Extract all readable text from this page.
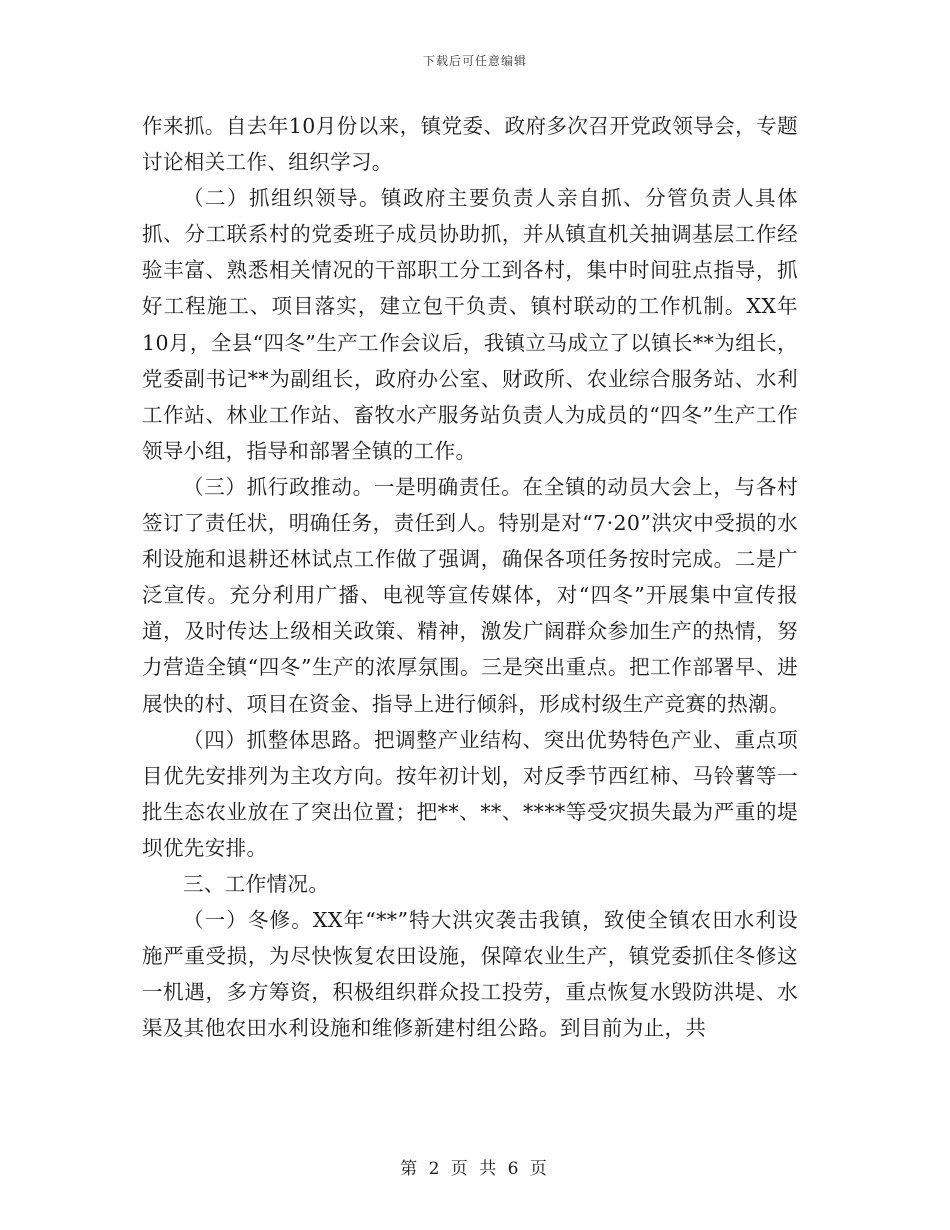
下载后可任意编辑

作来抓。自去年10月份以来，镇党委、政府多次召开党政领导会，专题讨论相关工作、组织学习。

（二）抓组织领导。镇政府主要负责人亲自抓、分管负责人具体抓、分工联系村的党委班子成员协助抓，并从镇直机关抽调基层工作经验丰富、熟悉相关情况的干部职工分工到各村，集中时间驻点指导，抓好工程施工、项目落实，建立包干负责、镇村联动的工作机制。XX年10月，全县“四冬”生产工作会议后，我镇立马成立了以镇长**为组长，党委副书记**为副组长，政府办公室、财政所、农业综合服务站、水利工作站、林业工作站、畜牧水产服务站负责人为成员的“四冬”生产工作领导小组，指导和部署全镇的工作。

（三）抓行政推动。一是明确责任。在全镇的动员大会上，与各村签订了责任状，明确任务，责任到人。特别是对“7·20”洪灾中受损的水利设施和退耕还林试点工作做了强调，确保各项任务按时完成。二是广泛宣传。充分利用广播、电视等宣传媒体，对“四冬”开展集中宣传报道，及时传达上级相关政策、精神，激发广阔群众参加生产的热情，努力营造全镇“四冬”生产的浓厚氛围。三是突出重点。把工作部署早、进展快的村、项目在资金、指导上进行倾斜，形成村级生产竞赛的热潮。

（四）抓整体思路。把调整产业结构、突出优势特色产业、重点项目优先安排列为主攻方向。按年初计划，对反季节西红柿、马铃薯等一批生态农业放在了突出位置；把**、**、****等受灾损失最为严重的堤坝优先安排。

三、工作情况。

（一）冬修。XX年“**”特大洪灾袭击我镇，致使全镇农田水利设施严重受损，为尽快恢复农田设施，保障农业生产，镇党委抓住冬修这一机遇，多方筹资，积极组织群众投工投劳，重点恢复水毁防洪堤、水渠及其他农田水利设施和维修新建村组公路。到目前为止，共

第 2 页 共 6 页
